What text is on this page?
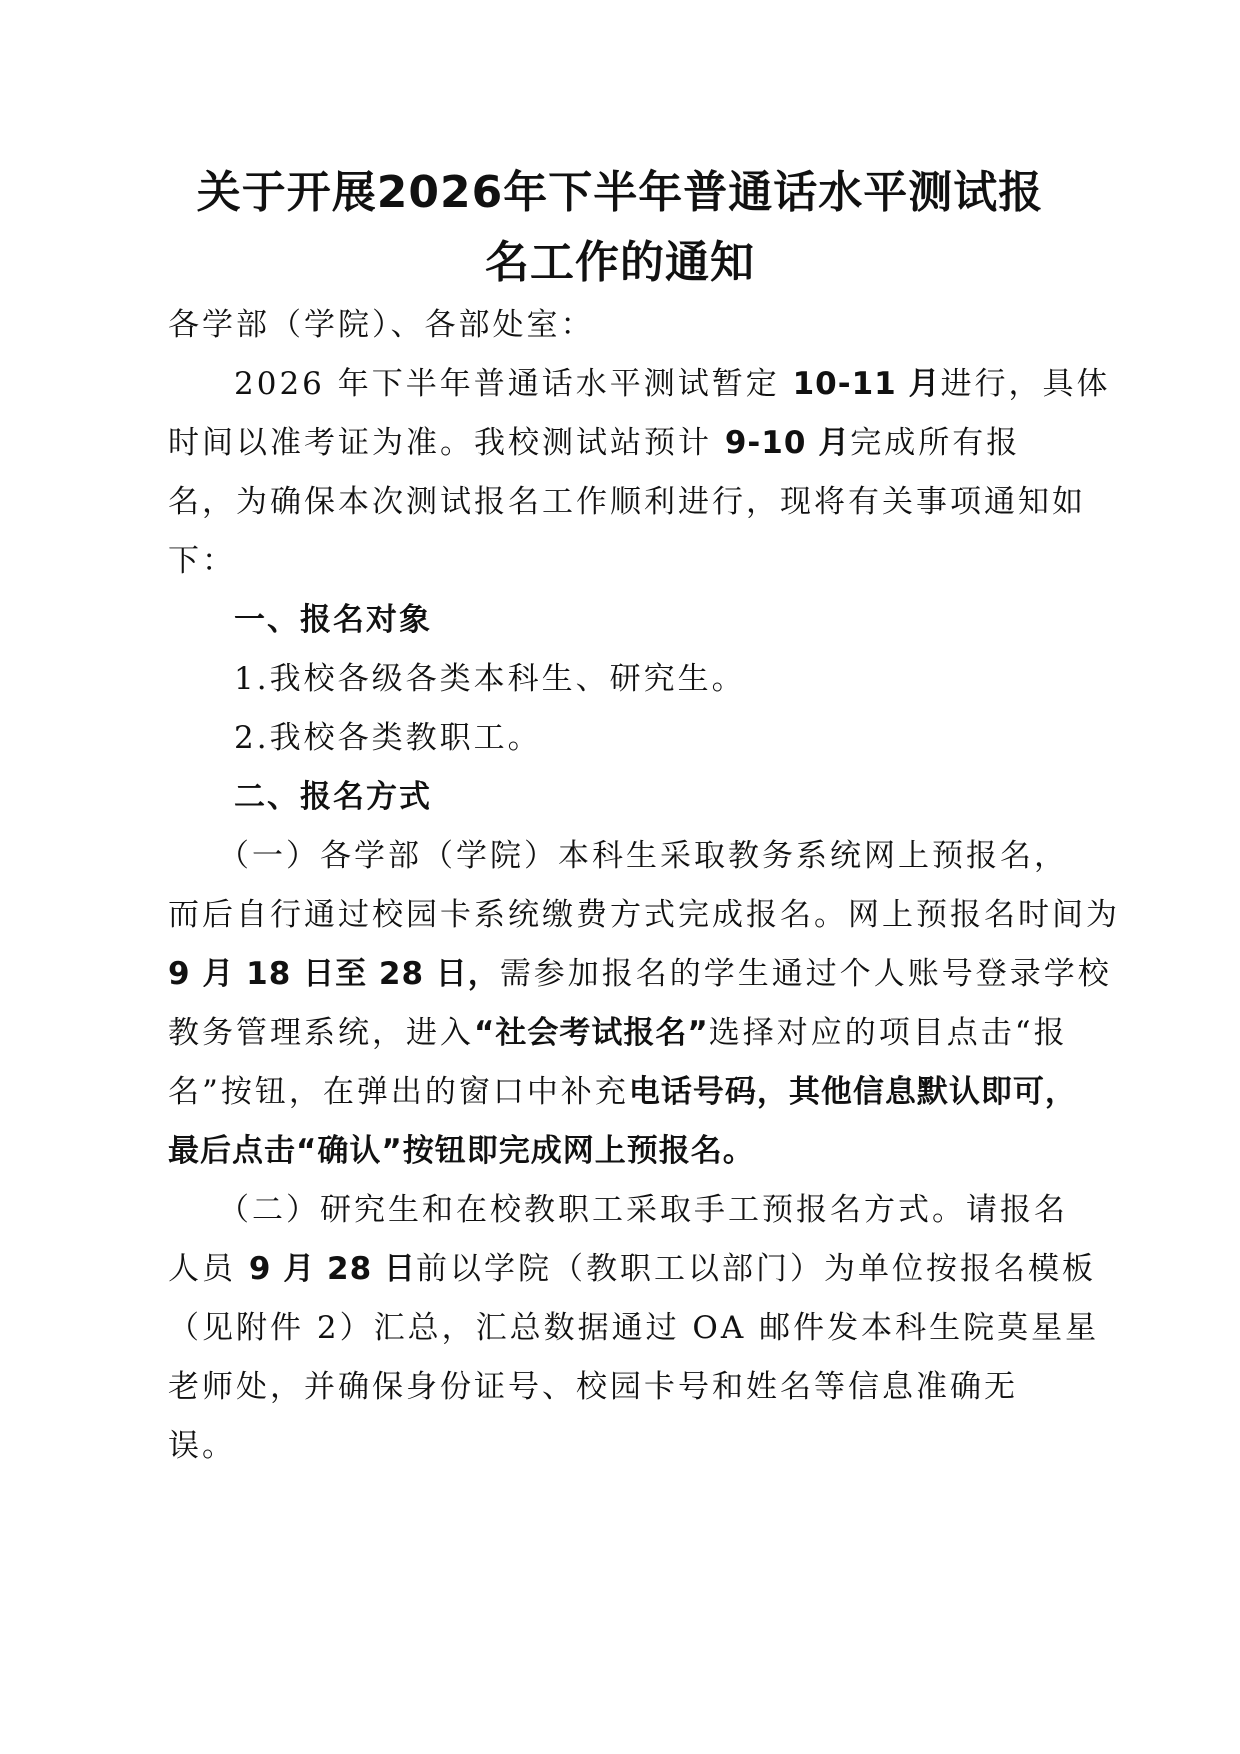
关于开展2026年下半年普通话水平测试报
名工作的通知
各学部（学院）、各部处室：
2026 年下半年普通话水平测试暂定 10-11 月进行，具体
时间以准考证为准。我校测试站预计 9-10 月完成所有报
名，为确保本次测试报名工作顺利进行，现将有关事项通知如
下：
一、报名对象
1.我校各级各类本科生、研究生。
2.我校各类教职工。
二、报名方式
（一）各学部（学院）本科生采取教务系统网上预报名，
而后自行通过校园卡系统缴费方式完成报名。网上预报名时间为
9 月 18 日至 28 日，需参加报名的学生通过个人账号登录学校
教务管理系统，进入“社会考试报名”选择对应的项目点击“报
名”按钮，在弹出的窗口中补充电话号码，其他信息默认即可，
最后点击“确认”按钮即完成网上预报名。
（二）研究生和在校教职工采取手工预报名方式。请报名
人员 9 月 28 日前以学院（教职工以部门）为单位按报名模板
（见附件 2）汇总，汇总数据通过 OA 邮件发本科生院莫星星
老师处，并确保身份证号、校园卡号和姓名等信息准确无
误。
